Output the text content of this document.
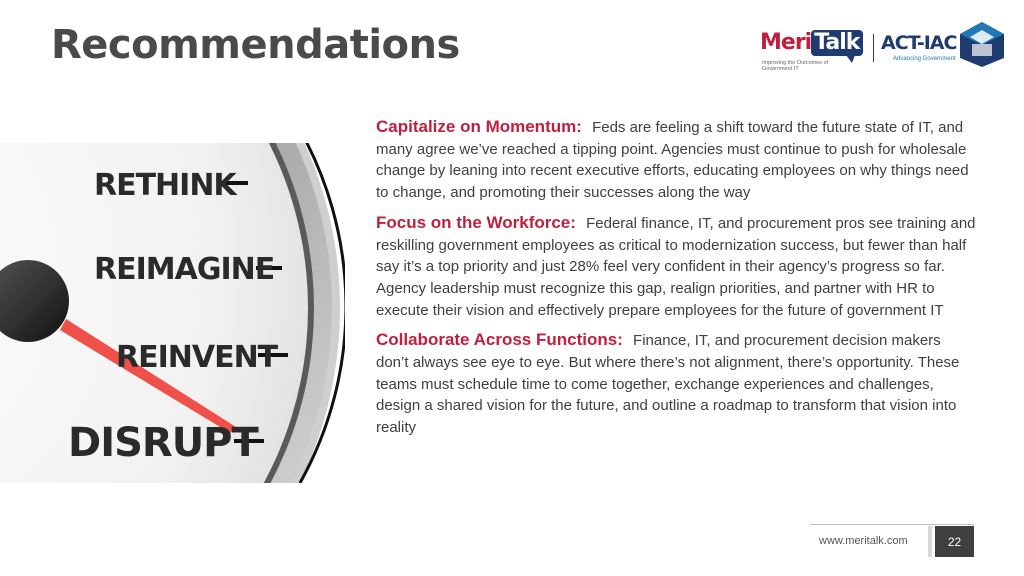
Recommendations	Meri Talk
Improving the Outcomes of Government IT
ACT-IAC
Advancing Government
RETHINK
REIMAGINE
REINVENT
DISRUPT

Capitalize on Momentum: Feds are feeling a shift toward the future state of IT, and many agree we’ve reached a tipping point. Agencies must continue to push for wholesale change by leaning into recent executive efforts, educating employees on why things need to change, and promoting their successes along the way

Focus on the Workforce: Federal finance, IT, and procurement pros see training and reskilling government employees as critical to modernization success, but fewer than half say it’s a top priority and just 28% feel very confident in their agency’s progress so far. Agency leadership must recognize this gap, realign priorities, and partner with HR to execute their vision and effectively prepare employees for the future of government IT

Collaborate Across Functions: Finance, IT, and procurement decision makers don’t always see eye to eye. But where there’s not alignment, there’s opportunity. These teams must schedule time to come together, exchange experiences and challenges, design a shared vision for the future, and outline a roadmap to transform that vision into reality

www.meritalk.com	22
